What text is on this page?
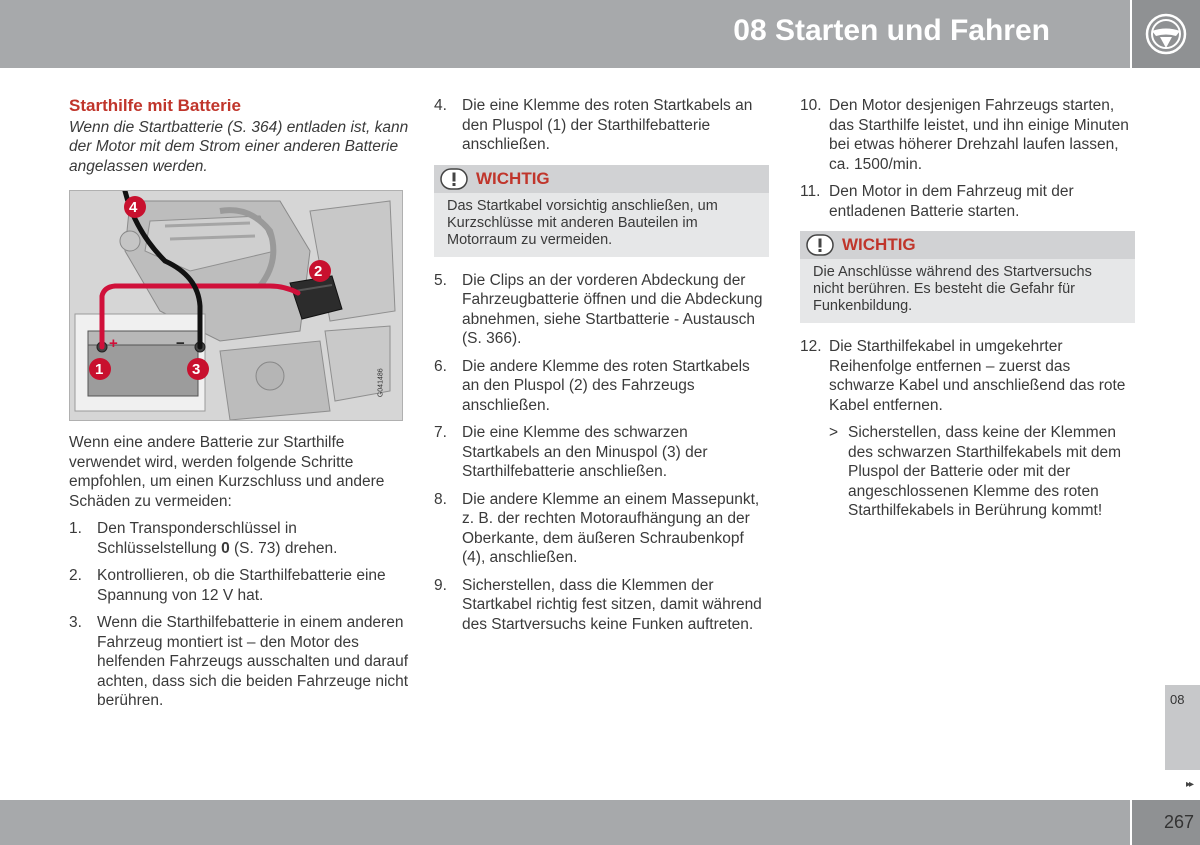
08 Starten und Fahren
Starthilfe mit Batterie

Wenn die Startbatterie (S. 364) entladen ist, kann der Motor mit dem Strom einer anderen Batterie angelassen werden.

4
2
1	3
+	−
G041486

Wenn eine andere Batterie zur Starthilfe verwendet wird, werden folgende Schritte empfohlen, um einen Kurzschluss und andere Schäden zu vermeiden:

1. Den Transponderschlüssel in Schlüsselstellung 0 (S. 73) drehen.
2. Kontrollieren, ob die Starthilfebatterie eine Spannung von 12 V hat.
3. Wenn die Starthilfebatterie in einem anderen Fahrzeug montiert ist – den Motor des helfenden Fahrzeugs ausschalten und darauf achten, dass sich die beiden Fahrzeuge nicht berühren.
4. Die eine Klemme des roten Startkabels an den Pluspol (1) der Starthilfebatterie anschließen.
WICHTIG
Das Startkabel vorsichtig anschließen, um Kurzschlüsse mit anderen Bauteilen im Motorraum zu vermeiden.
5. Die Clips an der vorderen Abdeckung der Fahrzeugbatterie öffnen und die Abdeckung abnehmen, siehe Startbatterie - Austausch (S. 366).
6. Die andere Klemme des roten Startkabels an den Pluspol (2) des Fahrzeugs anschließen.
7. Die eine Klemme des schwarzen Startkabels an den Minuspol (3) der Starthilfebatterie anschließen.
8. Die andere Klemme an einem Massepunkt, z. B. der rechten Motoraufhängung an der Oberkante, dem äußeren Schraubenkopf (4), anschließen.
9. Sicherstellen, dass die Klemmen der Startkabel richtig fest sitzen, damit während des Startversuchs keine Funken auftreten.
10. Den Motor desjenigen Fahrzeugs starten, das Starthilfe leistet, und ihn einige Minuten bei etwas höherer Drehzahl laufen lassen, ca. 1500/min.
11. Den Motor in dem Fahrzeug mit der entladenen Batterie starten.
WICHTIG
Die Anschlüsse während des Startversuchs nicht berühren. Es besteht die Gefahr für Funkenbildung.
12. Die Starthilfekabel in umgekehrter Reihenfolge entfernen – zuerst das schwarze Kabel und anschließend das rote Kabel entfernen.
> Sicherstellen, dass keine der Klemmen des schwarzen Starthilfekabels mit dem Pluspol der Batterie oder mit der angeschlossenen Klemme des roten Starthilfekabels in Berührung kommt!
08
▸▸
267
